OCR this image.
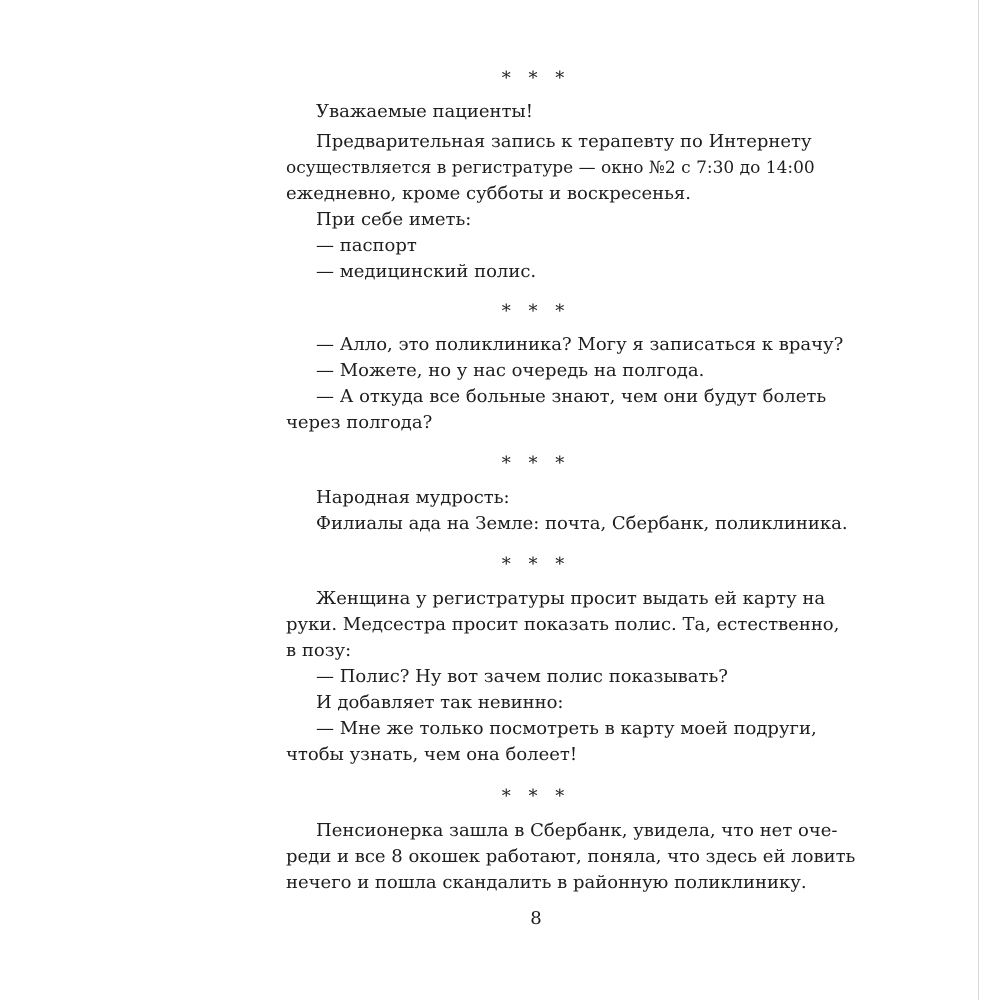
* * *
Уважаемые пациенты!
Предварительная запись к терапевту по Интернету
осуществляется в регистратуре — окно №2 с 7:30 до 14:00
ежедневно, кроме субботы и воскресенья.
При себе иметь:
— паспорт
— медицинский полис.
* * *
— Алло, это поликлиника? Могу я записаться к врачу?
— Можете, но у нас очередь на полгода.
— А откуда все больные знают, чем они будут болеть
через полгода?
* * *
Народная мудрость:
Филиалы ада на Земле: почта, Сбербанк, поликлиника.
* * *
Женщина у регистратуры просит выдать ей карту на
руки. Медсестра просит показать полис. Та, естественно,
в позу:
— Полис? Ну вот зачем полис показывать?
И добавляет так невинно:
— Мне же только посмотреть в карту моей подруги,
чтобы узнать, чем она болеет!
* * *
Пенсионерка зашла в Сбербанк, увидела, что нет оче-
реди и все 8 окошек работают, поняла, что здесь ей ловить
нечего и пошла скандалить в районную поликлинику.
8
